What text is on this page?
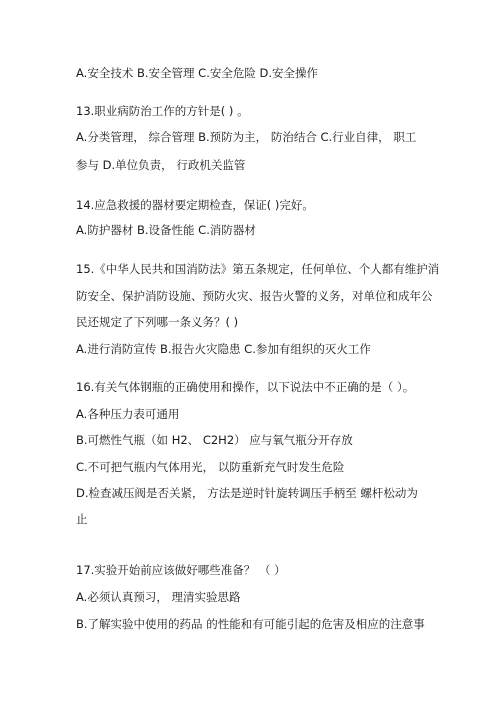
A.安全技术 B.安全管理 C.安全危险 D.安全操作
13.职业病防治工作的方针是( ) 。
A.分类管理， 综合管理 B.预防为主， 防治结合 C.行业自律， 职工
参与 D.单位负责， 行政机关监管
14.应急救援的器材要定期检查，保证( )完好。
A.防护器材 B.设备性能 C.消防器材
15.《中华人民共和国消防法》第五条规定，任何单位、个人都有维护消
防安全、保护消防设施、预防火灾、报告火警的义务，对单位和成年公
民还规定了下列哪一条义务？( )
A.进行消防宣传 B.报告火灾隐患 C.参加有组织的灭火工作
16.有关气体钢瓶的正确使用和操作，以下说法中不正确的是（ ）。
A.各种压力表可通用
B.可燃性气瓶（如 H2、 C2H2） 应与氧气瓶分开存放
C.不可把气瓶内气体用光， 以防重新充气时发生危险
D.检查减压阀是否关紧， 方法是逆时针旋转调压手柄至 螺杆松动为
止
17.实验开始前应该做好哪些准备？ （ ）
A.必须认真预习， 理清实验思路
B.了解实验中使用的药品 的性能和有可能引起的危害及相应的注意事
